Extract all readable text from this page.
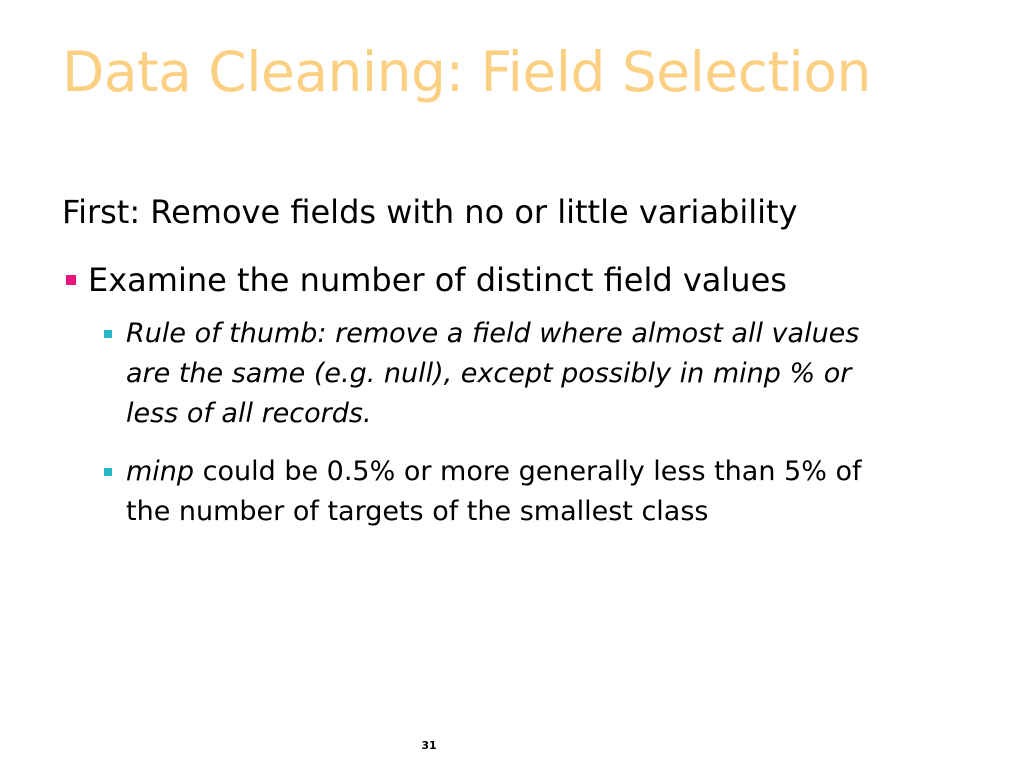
Data Cleaning: Field Selection
First: Remove fields with no or little variability
Examine the number of distinct field values
Rule of thumb: remove a field where almost all values
are the same (e.g. null), except possibly in minp % or
less of all records.
minp could be 0.5% or more generally less than 5% of
the number of targets of the smallest class
31
